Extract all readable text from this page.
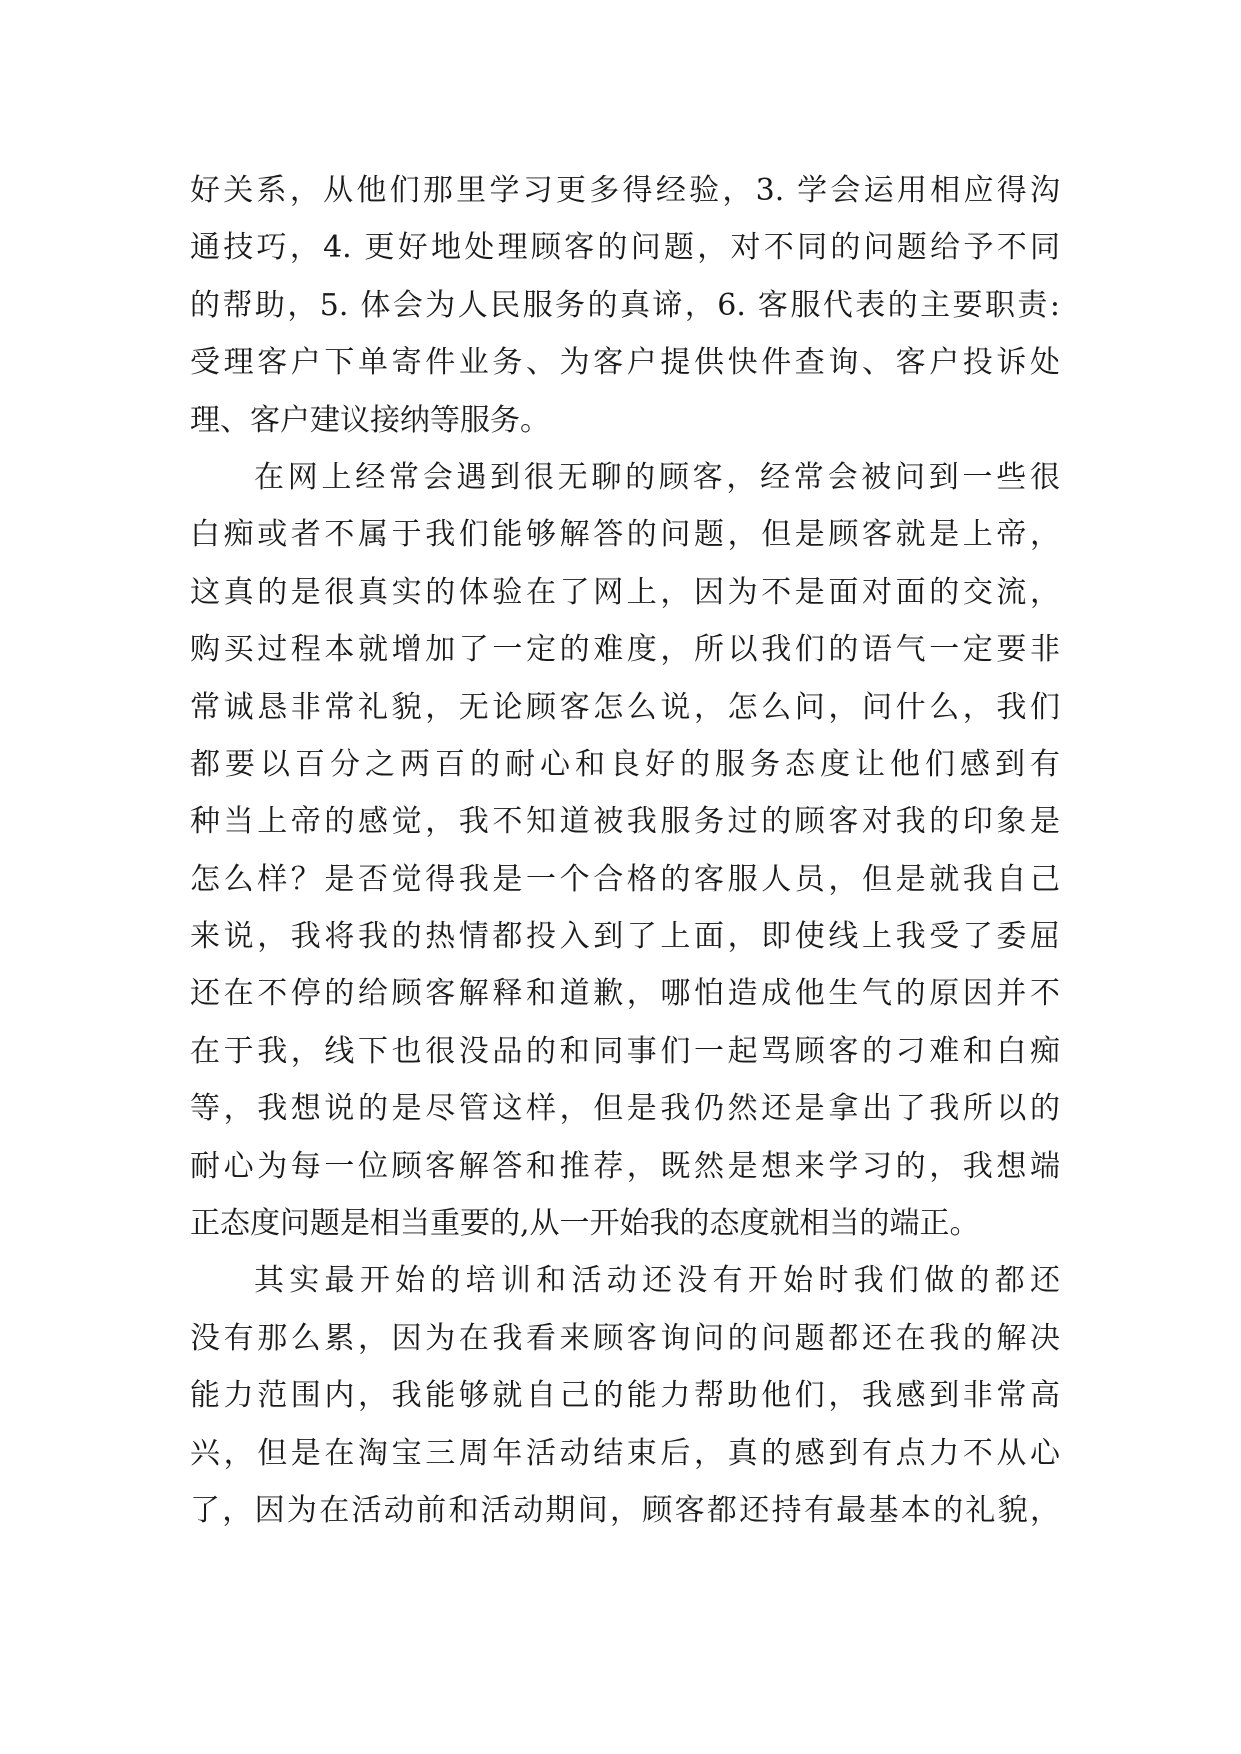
好关系，从他们那里学习更多得经验，3. 学会运用相应得沟
通技巧，4. 更好地处理顾客的问题，对不同的问题给予不同
的帮助，5. 体会为人民服务的真谛，6. 客服代表的主要职责:
受理客户下单寄件业务、为客户提供快件查询、客户投诉处
理、客户建议接纳等服务。
在网上经常会遇到很无聊的顾客，经常会被问到一些很
白痴或者不属于我们能够解答的问题，但是顾客就是上帝，
这真的是很真实的体验在了网上，因为不是面对面的交流，
购买过程本就增加了一定的难度，所以我们的语气一定要非
常诚恳非常礼貌，无论顾客怎么说，怎么问，问什么，我们
都要以百分之两百的耐心和良好的服务态度让他们感到有
种当上帝的感觉，我不知道被我服务过的顾客对我的印象是
怎么样？是否觉得我是一个合格的客服人员，但是就我自己
来说，我将我的热情都投入到了上面，即使线上我受了委屈
还在不停的给顾客解释和道歉，哪怕造成他生气的原因并不
在于我，线下也很没品的和同事们一起骂顾客的刁难和白痴
等，我想说的是尽管这样，但是我仍然还是拿出了我所以的
耐心为每一位顾客解答和推荐，既然是想来学习的，我想端
正态度问题是相当重要的,从一开始我的态度就相当的端正。
其实最开始的培训和活动还没有开始时我们做的都还
没有那么累，因为在我看来顾客询问的问题都还在我的解决
能力范围内，我能够就自己的能力帮助他们，我感到非常高
兴，但是在淘宝三周年活动结束后，真的感到有点力不从心
了，因为在活动前和活动期间，顾客都还持有最基本的礼貌，
